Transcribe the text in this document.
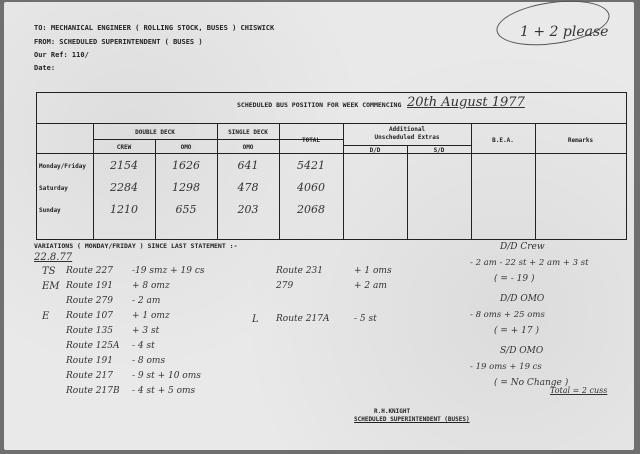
TO: MECHANICAL ENGINEER ( ROLLING STOCK, BUSES ) CHISWICK
FROM: SCHEDULED SUPERINTENDENT ( BUSES )
Our Ref: 110/
Date:
1 + 2 please
SCHEDULED BUS POSITION FOR WEEK COMMENCING 20th August 1977
DOUBLE DECK
CREW	OMO
SINGLE DECK
OMO
TOTAL
Additional
Unscheduled Extras
D/D	S/D
B.E.A.	Remarks
Monday/Friday	2154	1626	641	5421
Saturday	2284	1298	478	4060
Sunday	1210	655	203	2068
VARIATIONS ( MONDAY/FRIDAY ) SINCE LAST STATEMENT :-
22.8.77
TS Route 227 -19 smz + 19 cs
EM Route 191 + 8 omz
Route 279 - 2 am
E Route 107 + 1 omz
Route 135 + 3 st
Route 125A - 4 st
Route 191 - 8 oms
Route 217 - 9 st + 10 oms
Route 217B - 4 st + 5 oms
Route 231	+ 1 oms
279	+ 2 am
L Route 217A	- 5 st
D/D Crew
- 2 am - 22 st + 2 am + 3 st
( = - 19 )
D/D OMO
- 8 oms + 25 oms
( = + 17 )
S/D OMO
- 19 oms + 19 cs
( = No Change )
Total = 2 cuss
R.H.KNIGHT
SCHEDULED SUPERINTENDENT (BUSES)
